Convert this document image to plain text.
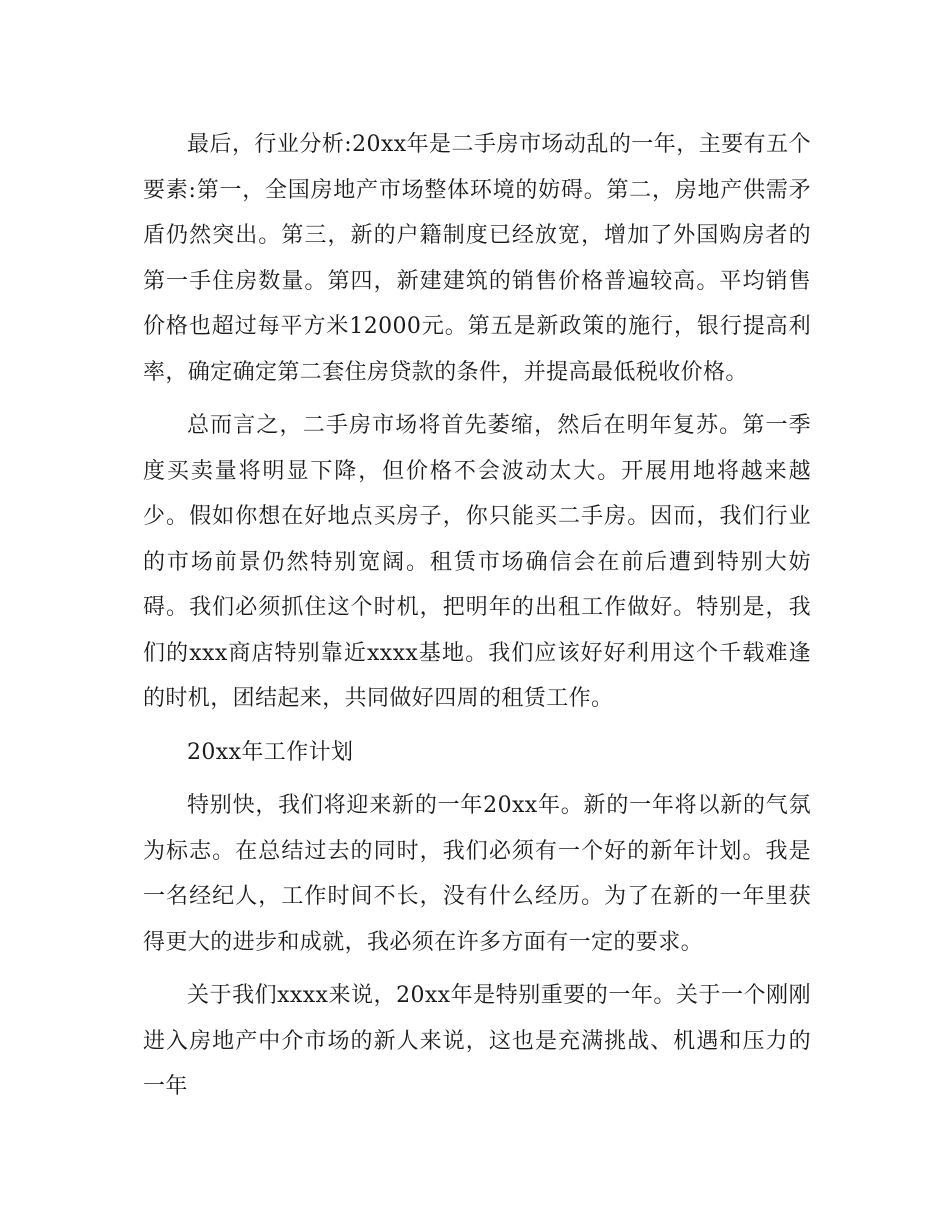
最后，行业分析:20xx年是二手房市场动乱的一年，主要有五个要素:第一，全国房地产市场整体环境的妨碍。第二，房地产供需矛盾仍然突出。第三，新的户籍制度已经放宽，增加了外国购房者的第一手住房数量。第四，新建建筑的销售价格普遍较高。平均销售价格也超过每平方米12000元。第五是新政策的施行，银行提高利率，确定确定第二套住房贷款的条件，并提高最低税收价格。

总而言之，二手房市场将首先萎缩，然后在明年复苏。第一季度买卖量将明显下降，但价格不会波动太大。开展用地将越来越少。假如你想在好地点买房子，你只能买二手房。因而，我们行业的市场前景仍然特别宽阔。租赁市场确信会在前后遭到特别大妨碍。我们必须抓住这个时机，把明年的出租工作做好。特别是，我们的xxx商店特别靠近xxxx基地。我们应该好好利用这个千载难逢的时机，团结起来，共同做好四周的租赁工作。

20xx年工作计划

特别快，我们将迎来新的一年20xx年。新的一年将以新的气氛为标志。在总结过去的同时，我们必须有一个好的新年计划。我是一名经纪人，工作时间不长，没有什么经历。为了在新的一年里获得更大的进步和成就，我必须在许多方面有一定的要求。

关于我们xxxx来说，20xx年是特别重要的一年。关于一个刚刚进入房地产中介市场的新人来说，这也是充满挑战、机遇和压力的一年
